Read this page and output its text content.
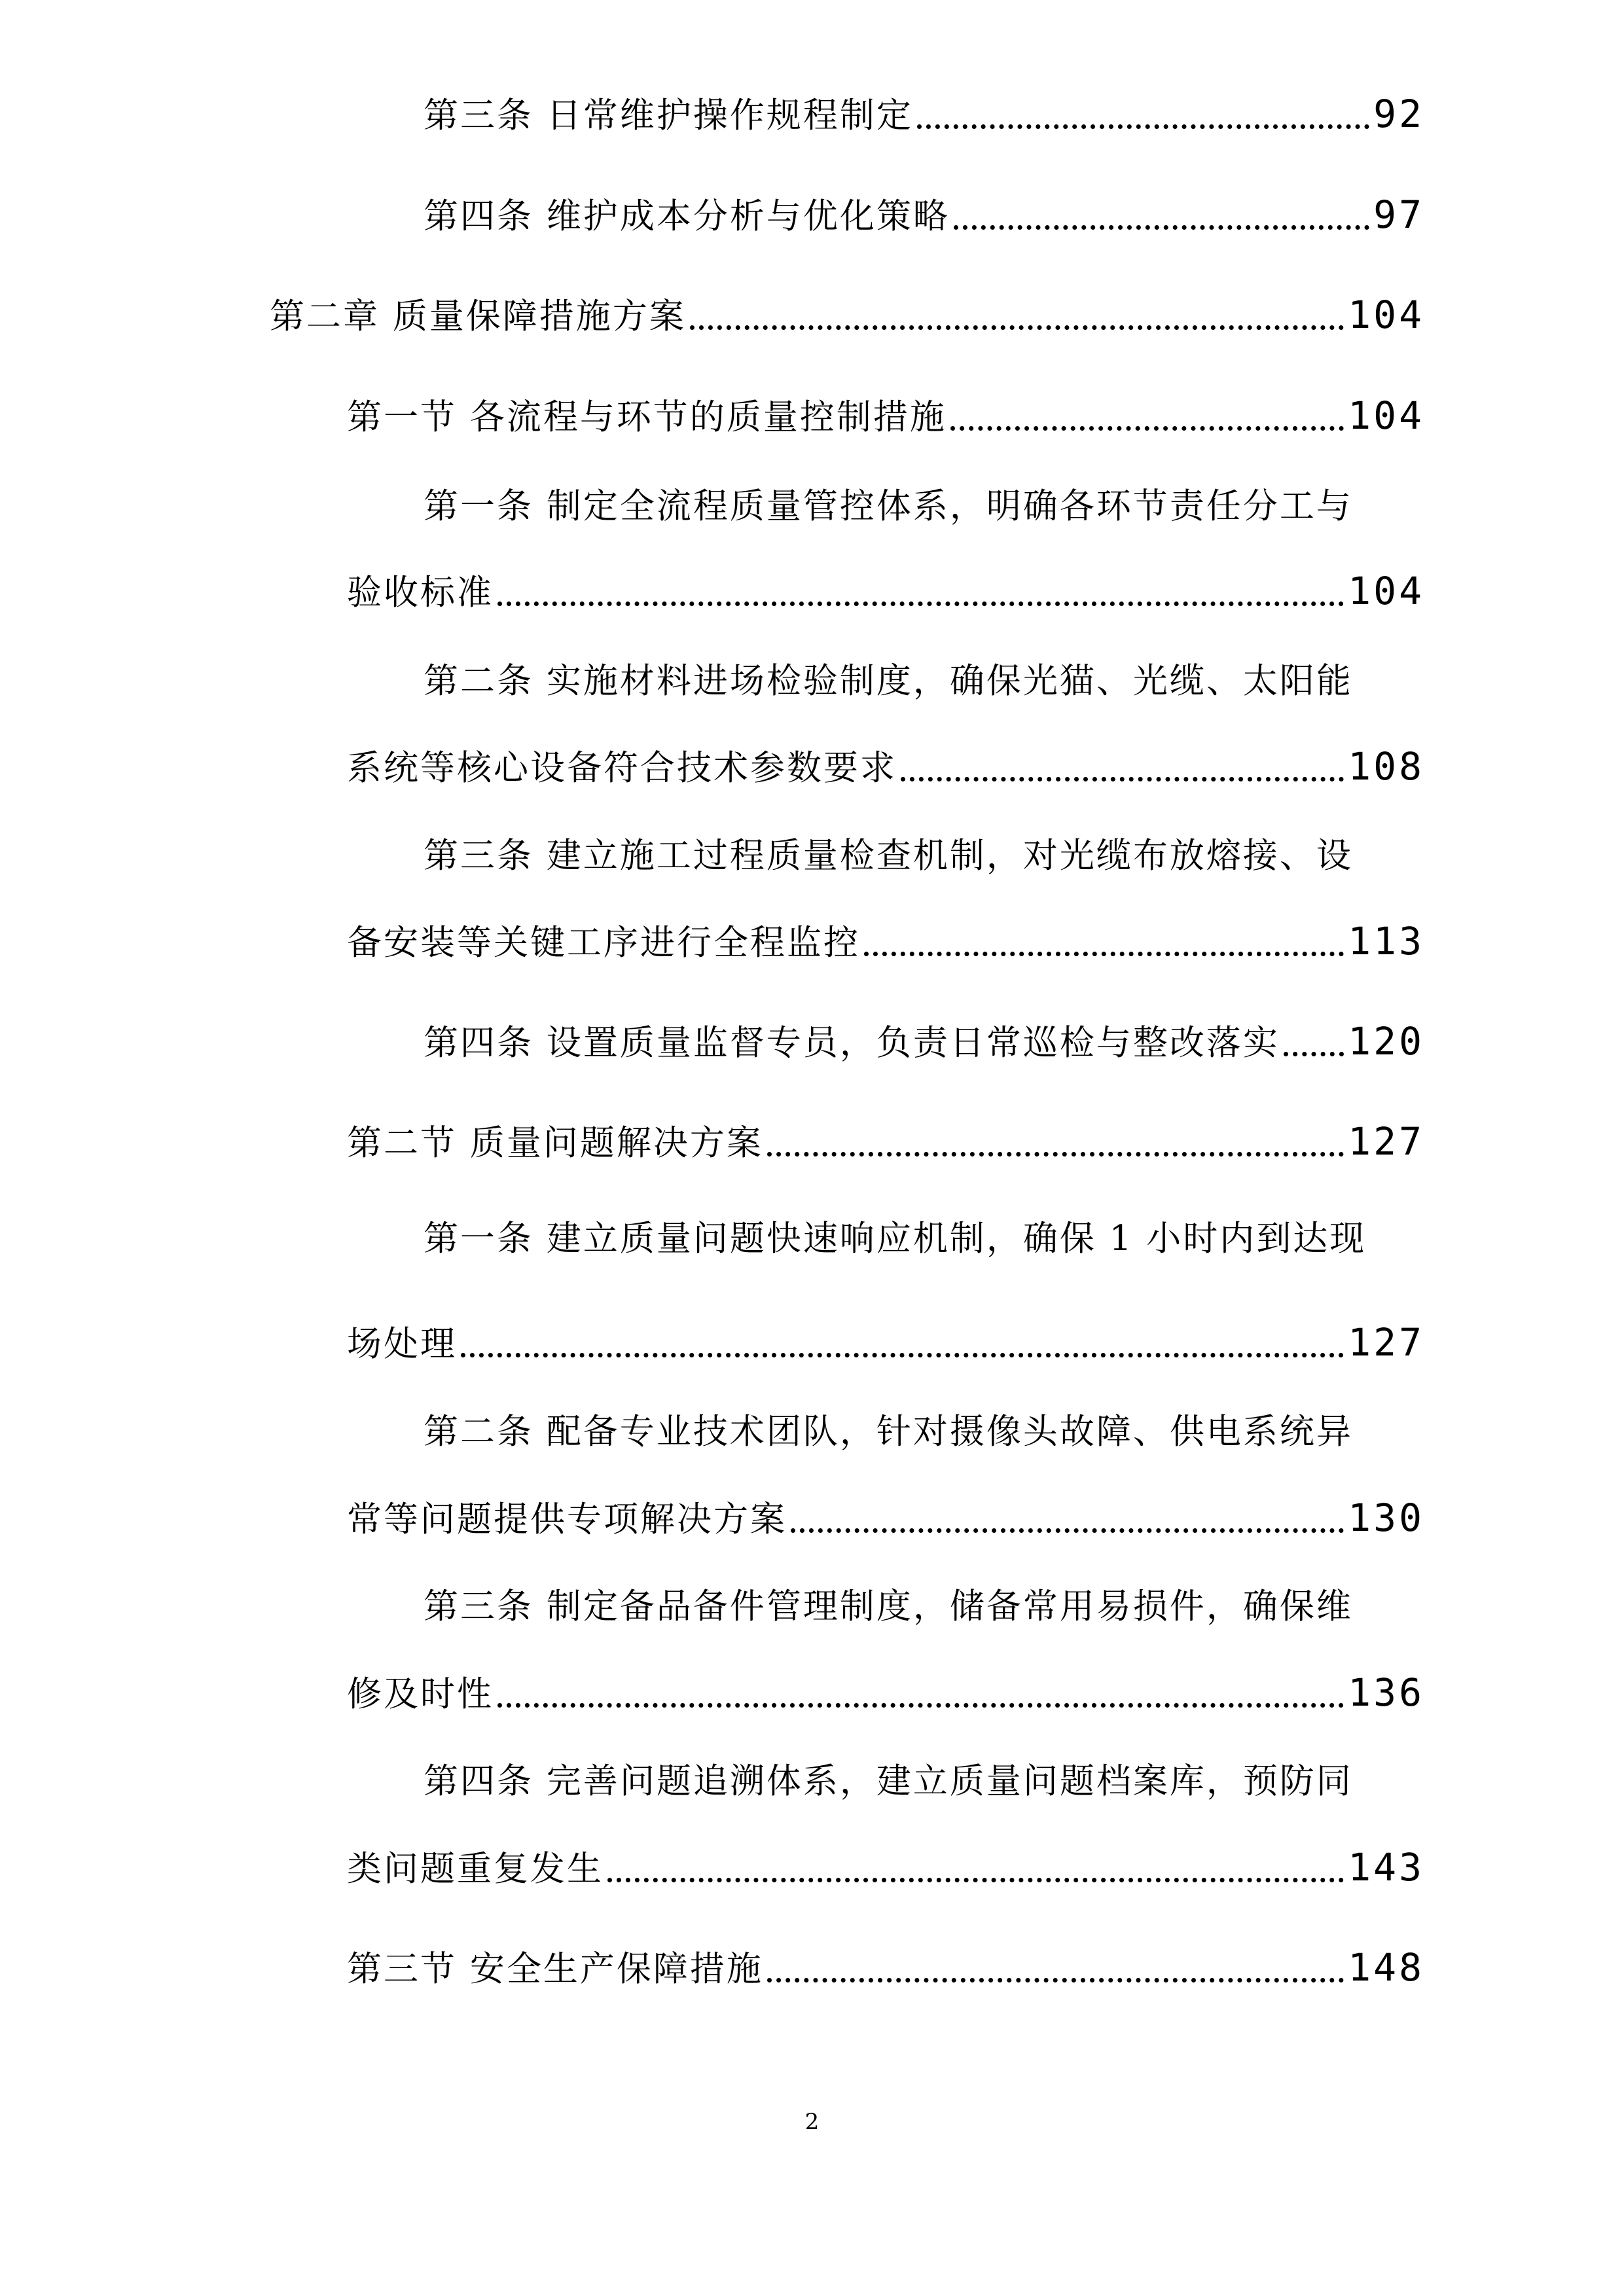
第三条 日常维护操作规程制定	92
第四条 维护成本分析与优化策略	97
第二章 质量保障措施方案	104
第一节 各流程与环节的质量控制措施	104
第一条 制定全流程质量管控体系，明确各环节责任分工与
验收标准	104
第二条 实施材料进场检验制度，确保光猫、光缆、太阳能
系统等核心设备符合技术参数要求	108
第三条 建立施工过程质量检查机制，对光缆布放熔接、设
备安装等关键工序进行全程监控	113
第四条 设置质量监督专员，负责日常巡检与整改落实 120
第二节 质量问题解决方案	127
第一条 建立质量问题快速响应机制，确保 1 小时内到达现
场处理	127
第二条 配备专业技术团队，针对摄像头故障、供电系统异
常等问题提供专项解决方案	130
第三条 制定备品备件管理制度，储备常用易损件，确保维
修及时性	136
第四条 完善问题追溯体系，建立质量问题档案库，预防同
类问题重复发生	143
第三节 安全生产保障措施	148
2
